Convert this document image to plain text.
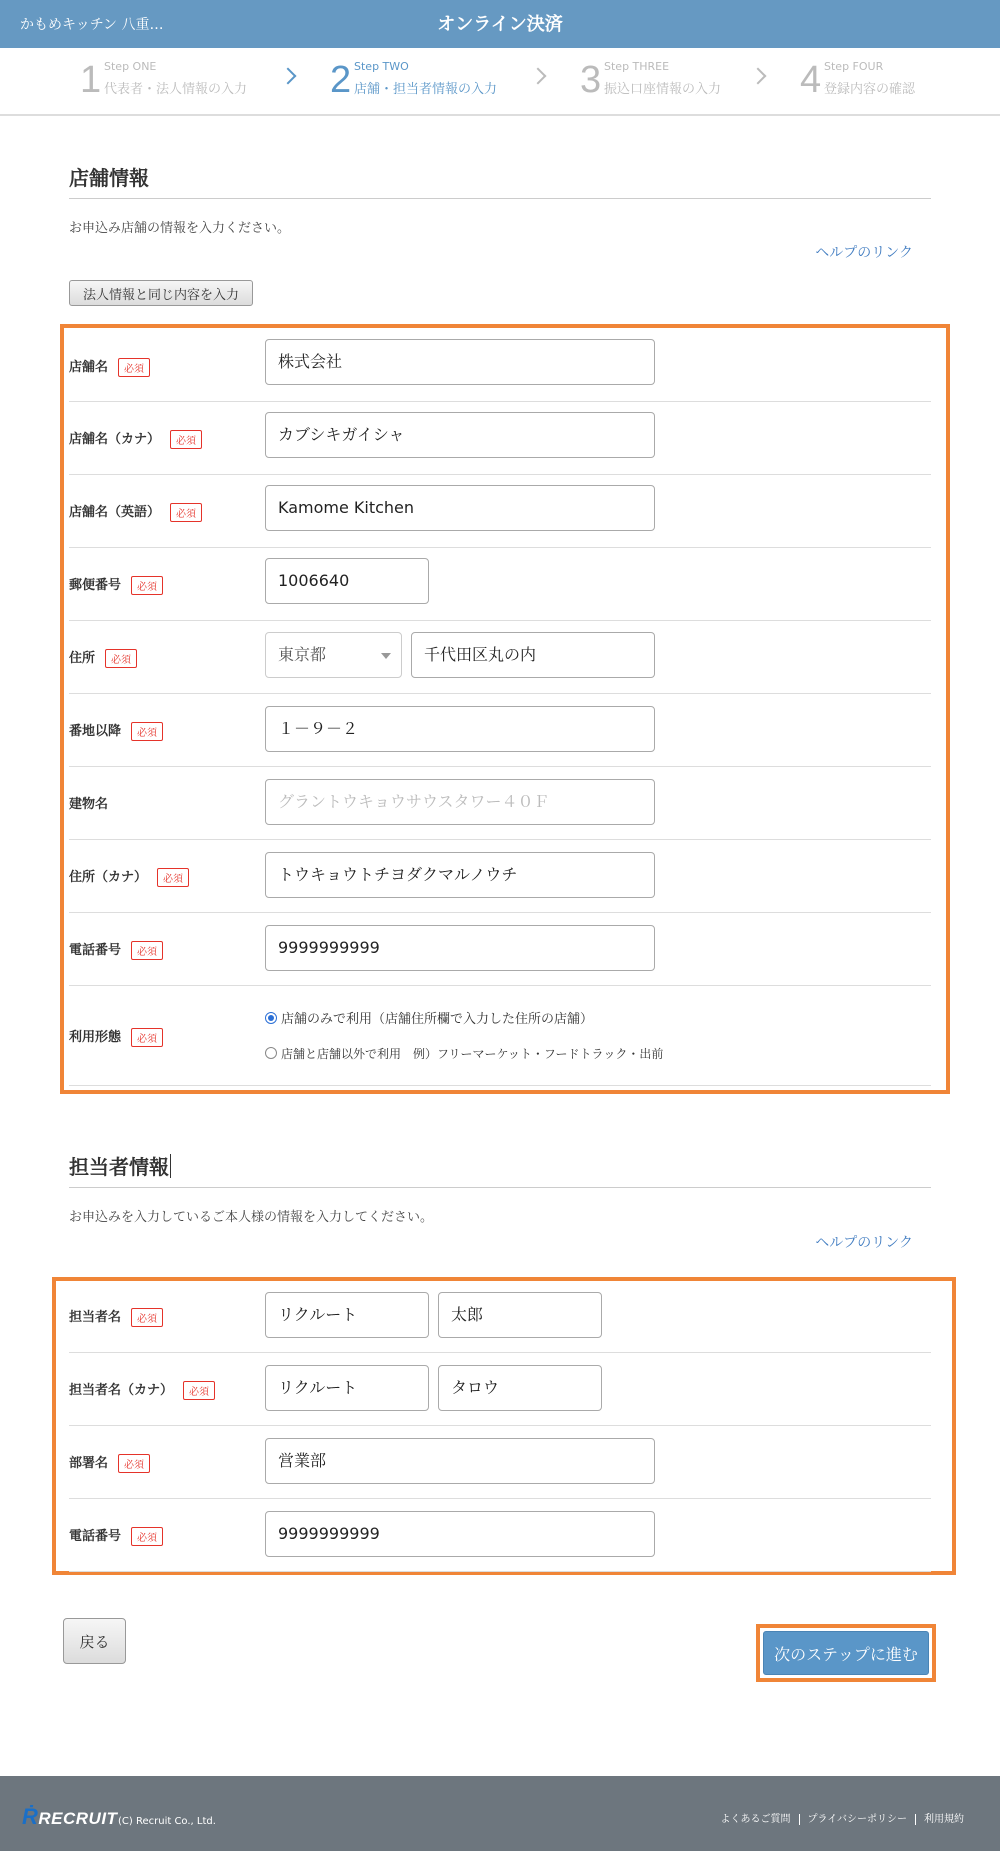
かもめキッチン 八重…	オンライン決済
1 Step ONE
代表者・法人情報の入力 2 Step TWO
店舗・担当者情報の入力 3 Step THREE
振込口座情報の入力 4 Step FOUR
登録内容の確認
店舗情報
お申込み店舗の情報を入力ください。
ヘルプのリンク
法人情報と同じ内容を入力
店舗名 必須	株式会社
店舗名（カナ） 必須	カブシキガイシャ
店舗名（英語） 必須	Kamome Kitchen
郵便番号 必須	1006640
住所 必須	東京都	千代田区丸の内
番地以降 必須	１－９－２
建物名	グラントウキョウサウスタワー４０Ｆ
住所（カナ） 必須	トウキョウトチヨダクマルノウチ
電話番号 必須	9999999999
利用形態 必須
店舗のみで利用（店舗住所欄で入力した住所の店舗）
店舗と店舗以外で利用　例）フリーマーケット・フードトラック・出前
担当者情報
お申込みを入力しているご本人様の情報を入力してください。
ヘルプのリンク
担当者名 必須	リクルート	太郎
担当者名（カナ） 必須	リクルート	タロウ
部署名 必須	営業部
電話番号 必須	9999999999
戻る
次のステップに進む
ṘRECRUIT (C) Recruit Co., Ltd.	よくあるご質問 プライバシーポリシー 利用規約
